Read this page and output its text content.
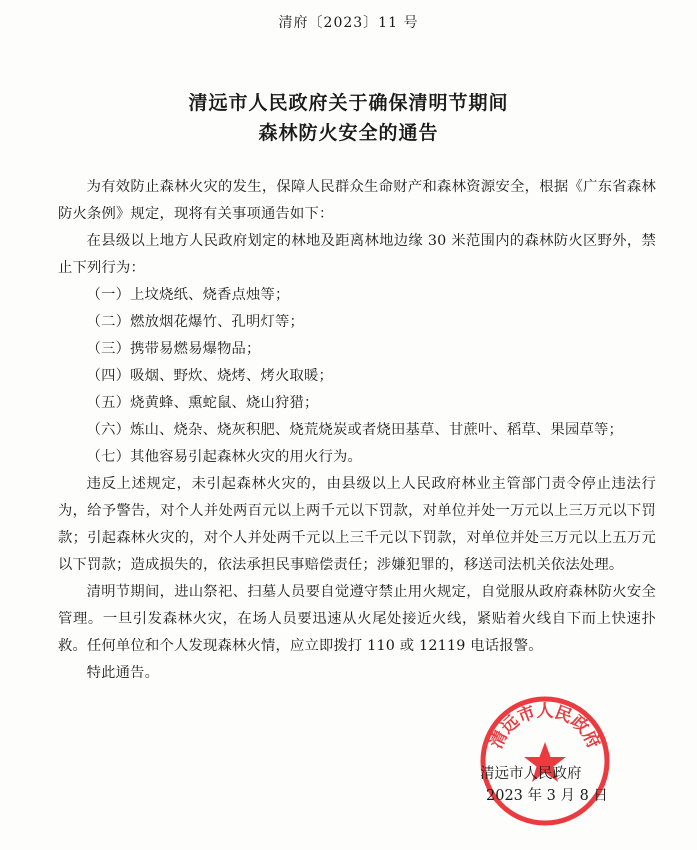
清府〔2023〕11 号
清远市人民政府关于确保清明节期间
森林防火安全的通告

为有效防止森林火灾的发生，保障人民群众生命财产和森林资源安全，根据《广东省森林防火条例》规定，现将有关事项通告如下：

在县级以上地方人民政府划定的林地及距离林地边缘 30 米范围内的森林防火区野外，禁止下列行为：

（一）上坟烧纸、烧香点烛等；

（二）燃放烟花爆竹、孔明灯等；

（三）携带易燃易爆物品；

（四）吸烟、野炊、烧烤、烤火取暖；

（五）烧黄蜂、熏蛇鼠、烧山狩猎；

（六）炼山、烧杂、烧灰积肥、烧荒烧炭或者烧田基草、甘蔗叶、稻草、果园草等；

（七）其他容易引起森林火灾的用火行为。

违反上述规定，未引起森林火灾的，由县级以上人民政府林业主管部门责令停止违法行为，给予警告，对个人并处两百元以上两千元以下罚款，对单位并处一万元以上三万元以下罚款；引起森林火灾的，对个人并处两千元以上三千元以下罚款，对单位并处三万元以上五万元以下罚款；造成损失的，依法承担民事赔偿责任；涉嫌犯罪的，移送司法机关依法处理。

清明节期间，进山祭祀、扫墓人员要自觉遵守禁止用火规定，自觉服从政府森林防火安全管理。一旦引发森林火灾，在场人员要迅速从火尾处接近火线，紧贴着火线自下而上快速扑救。任何单位和个人发现森林火情，应立即拨打 110 或 12119 电话报警。

特此通告。

清远市人民政府
清远市人民政府
2023 年 3 月 8 日
